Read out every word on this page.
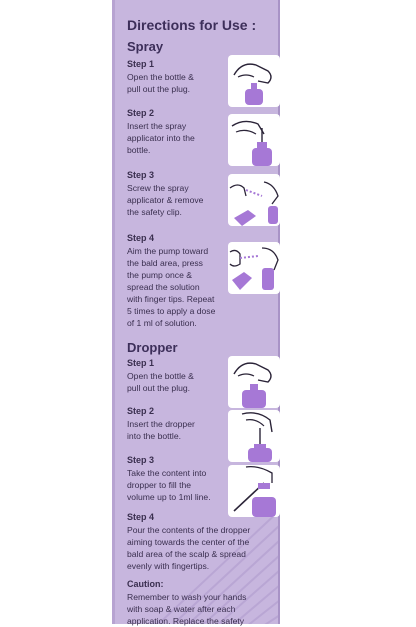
Directions for Use :

Spray

Step 1

Open the bottle &
pull out the plug.

Step 2

Insert the spray
applicator into the
bottle.

Step 3

Screw the spray
applicator & remove
the safety clip.

Step 4

Aim the pump toward
the bald area, press
the pump once &
spread the solution
with finger tips. Repeat
5 times to apply a dose
of 1 ml of solution.

Dropper

Step 1

Open the bottle &
pull out the plug.

Step 2

Insert the dropper
into the bottle.

Step 3

Take the content into
dropper to fill the
volume up to 1ml line.

Step 4

Pour the contents of the dropper
aiming towards the center of the
bald area of the scalp & spread
evenly with fingertips.

Caution:

Remember to wash your hands
with soap & water after each
application. Replace the safety
